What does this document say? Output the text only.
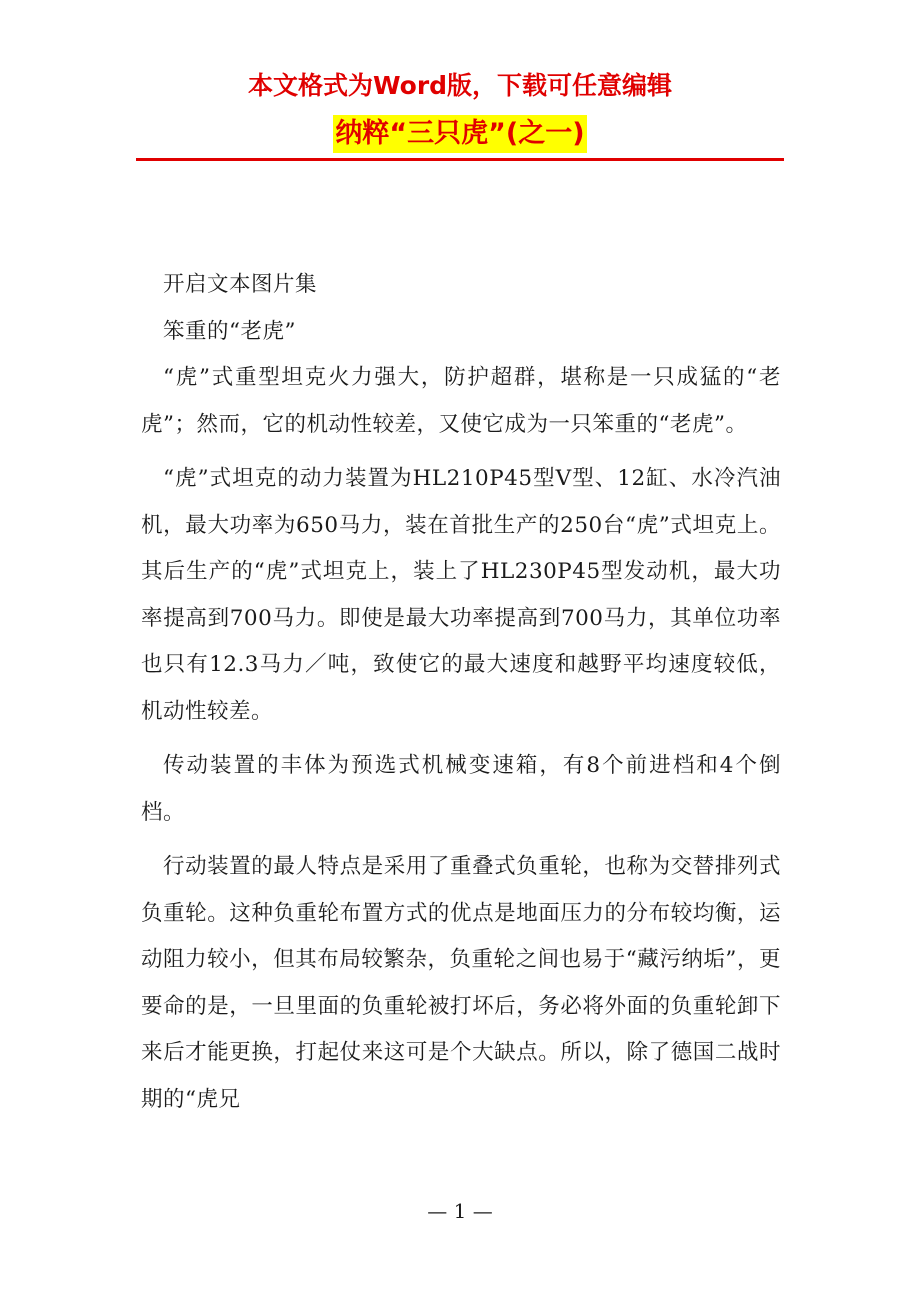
本文格式为Word版，下载可任意编辑
纳粹“三只虎”(之一)

开启文本图片集

笨重的“老虎”

“虎”式重型坦克火力强大，防护超群，堪称是一只成猛的“老虎”；然而，它的机动性较差，又使它成为一只笨重的“老虎”。

“虎”式坦克的动力装置为HL210P45型V型、12缸、水冷汽油机，最大功率为650马力，装在首批生产的250台“虎”式坦克上。其后生产的“虎”式坦克上，装上了HL230P45型发动机，最大功率提高到700马力。即使是最大功率提高到700马力，其单位功率也只有12.3马力／吨，致使它的最大速度和越野平均速度较低，机动性较差。

传动装置的丰体为预选式机械变速箱，有8个前进档和4个倒档。

行动装置的最人特点是采用了重叠式负重轮，也称为交替排列式负重轮。这种负重轮布置方式的优点是地面压力的分布较均衡，运动阻力较小，但其布局较繁杂，负重轮之间也易于“藏污纳垢”，更要命的是，一旦里面的负重轮被打坏后，务必将外面的负重轮卸下来后才能更换，打起仗来这可是个大缺点。所以，除了德国二战时期的“虎兄

— 1 —
